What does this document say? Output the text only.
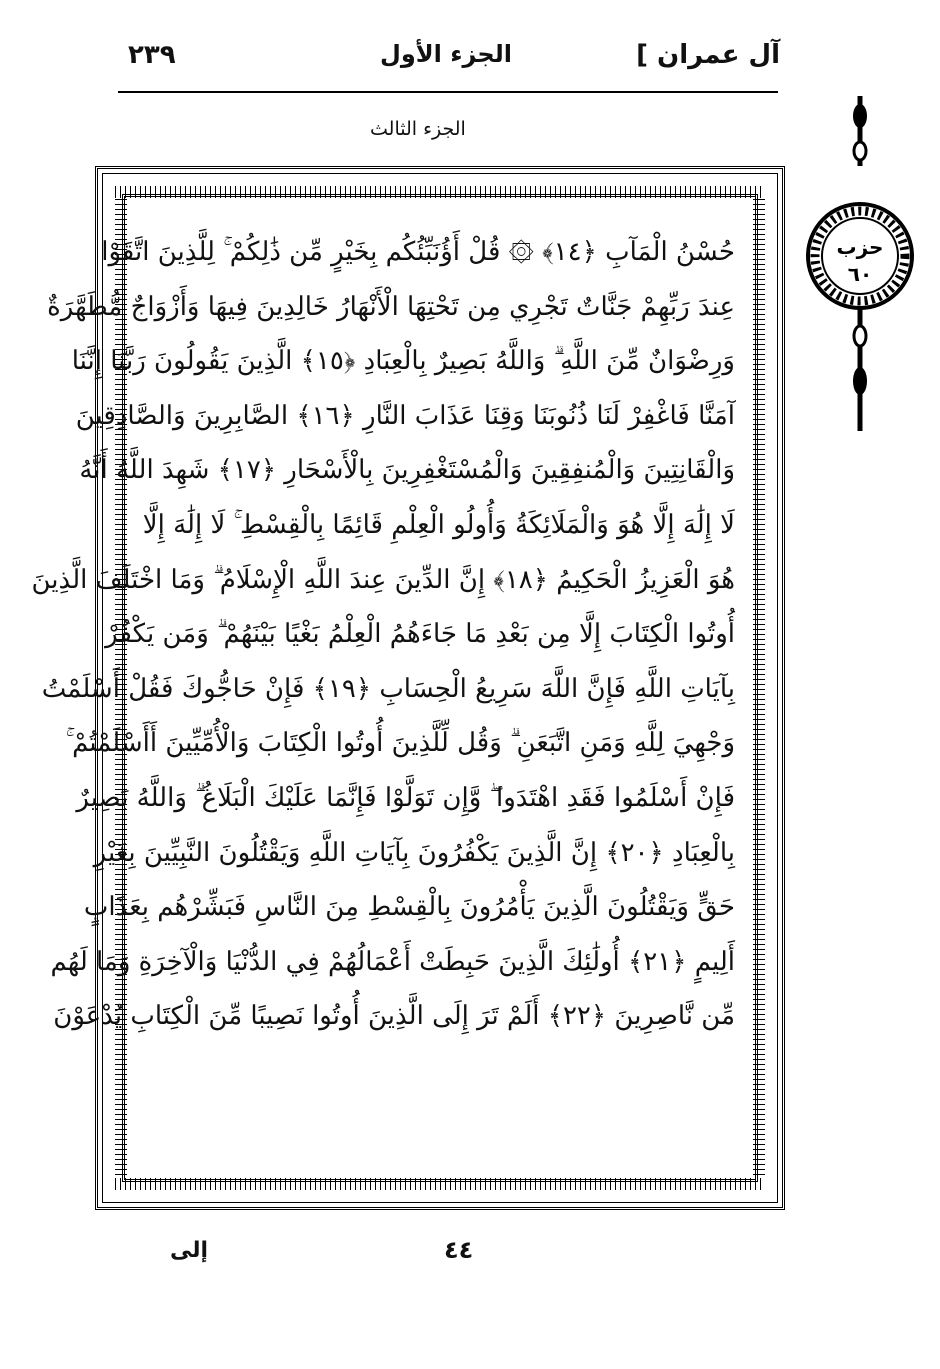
آل عمران ]
الجزء الأول
٢٣٩
الجزء الثالث
حُسْنُ الْمَآبِ ﴿١٤﴾ ۞ قُلْ أَؤُنَبِّئُكُم بِخَيْرٍ مِّن ذَٰلِكُمْ ۚ لِلَّذِينَ اتَّقَوْا
عِندَ رَبِّهِمْ جَنَّاتٌ تَجْرِي مِن تَحْتِهَا الْأَنْهَارُ خَالِدِينَ فِيهَا وَأَزْوَاجٌ مُّطَهَّرَةٌ
وَرِضْوَانٌ مِّنَ اللَّهِ ۗ وَاللَّهُ بَصِيرٌ بِالْعِبَادِ ﴿١٥﴾ الَّذِينَ يَقُولُونَ رَبَّنَا إِنَّنَا
آمَنَّا فَاغْفِرْ لَنَا ذُنُوبَنَا وَقِنَا عَذَابَ النَّارِ ﴿١٦﴾ الصَّابِرِينَ وَالصَّادِقِينَ
وَالْقَانِتِينَ وَالْمُنفِقِينَ وَالْمُسْتَغْفِرِينَ بِالْأَسْحَارِ ﴿١٧﴾ شَهِدَ اللَّهُ أَنَّهُ
لَا إِلَٰهَ إِلَّا هُوَ وَالْمَلَائِكَةُ وَأُولُو الْعِلْمِ قَائِمًا بِالْقِسْطِ ۚ لَا إِلَٰهَ إِلَّا
هُوَ الْعَزِيزُ الْحَكِيمُ ﴿١٨﴾ إِنَّ الدِّينَ عِندَ اللَّهِ الْإِسْلَامُ ۗ وَمَا اخْتَلَفَ الَّذِينَ
أُوتُوا الْكِتَابَ إِلَّا مِن بَعْدِ مَا جَاءَهُمُ الْعِلْمُ بَغْيًا بَيْنَهُمْ ۗ وَمَن يَكْفُرْ
بِآيَاتِ اللَّهِ فَإِنَّ اللَّهَ سَرِيعُ الْحِسَابِ ﴿١٩﴾ فَإِنْ حَاجُّوكَ فَقُلْ أَسْلَمْتُ
وَجْهِيَ لِلَّهِ وَمَنِ اتَّبَعَنِ ۗ وَقُل لِّلَّذِينَ أُوتُوا الْكِتَابَ وَالْأُمِّيِّينَ أَأَسْلَمْتُمْ ۚ
فَإِنْ أَسْلَمُوا فَقَدِ اهْتَدَوا ۖ وَّإِن تَوَلَّوْا فَإِنَّمَا عَلَيْكَ الْبَلَاغُ ۗ وَاللَّهُ بَصِيرٌ
بِالْعِبَادِ ﴿٢٠﴾ إِنَّ الَّذِينَ يَكْفُرُونَ بِآيَاتِ اللَّهِ وَيَقْتُلُونَ النَّبِيِّينَ بِغَيْرِ
حَقٍّ وَيَقْتُلُونَ الَّذِينَ يَأْمُرُونَ بِالْقِسْطِ مِنَ النَّاسِ فَبَشِّرْهُم بِعَذَابٍ
أَلِيمٍ ﴿٢١﴾ أُولَٰئِكَ الَّذِينَ حَبِطَتْ أَعْمَالُهُمْ فِي الدُّنْيَا وَالْآخِرَةِ وَمَا لَهُم
مِّن نَّاصِرِينَ ﴿٢٢﴾ أَلَمْ تَرَ إِلَى الَّذِينَ أُوتُوا نَصِيبًا مِّنَ الْكِتَابِ يُدْعَوْنَ
حزب
٦٠
٤٤
إلى
